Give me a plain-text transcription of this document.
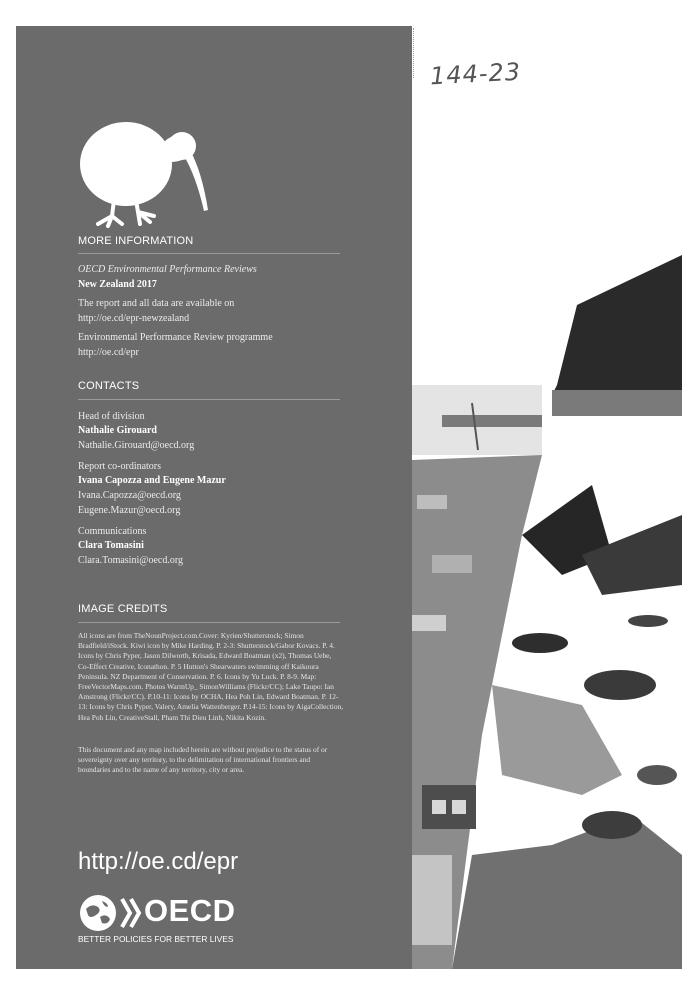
144-23
MORE INFORMATION
OECD Environmental Performance Reviews
New Zealand 2017
The report and all data are available on
http://oe.cd/epr-newzealand
Environmental Performance Review programme
http://oe.cd/epr
CONTACTS
Head of division
Nathalie Girouard
Nathalie.Girouard@oecd.org
Report co-ordinators
Ivana Capozza and Eugene Mazur
Ivana.Capozza@oecd.org
Eugene.Mazur@oecd.org
Communications
Clara Tomasini
Clara.Tomasini@oecd.org
IMAGE CREDITS
All icons are from TheNounProject.com.Cover: Kyrien/Shutterstock; Simon Bradfield/iStock. Kiwi icon by Mike Harding. P. 2-3: Shutterstock/Gabor Kovacs. P. 4. Icons by Chris Pyper, Jason Dilworth, Krisada, Edward Boatman (x2), Thomas Uebe, Co-Effect Creative, Iconathon. P. 5 Hutton's Shearwaters swimming off Kaikoura Peninsula. NZ Department of Conservation. P. 6. Icons by Yu Luck. P. 8-9. Map: FreeVectorMaps.com. Photos WarmUp_ SimonWilliams (Flickr/CC); Lake Taupo: Ian Amstrong (Flickr/CC). P.10-11: Icons by OCHA, Hea Poh Lin, Edward Boatman. P. 12-13: Icons by Chris Pyper, Valery, Amelia Wattenberger. P.14-15: Icons by AigaCollection, Hea Poh Lin, CreativeStall, Pham Thi Dieu Linh, Nikita Kozin.
This document and any map included herein are without prejudice to the status of or sovereignty over any territory, to the delimitation of international frontiers and boundaries and to the name of any territory, city or area.
http://oe.cd/epr
OECD
BETTER POLICIES FOR BETTER LIVES
